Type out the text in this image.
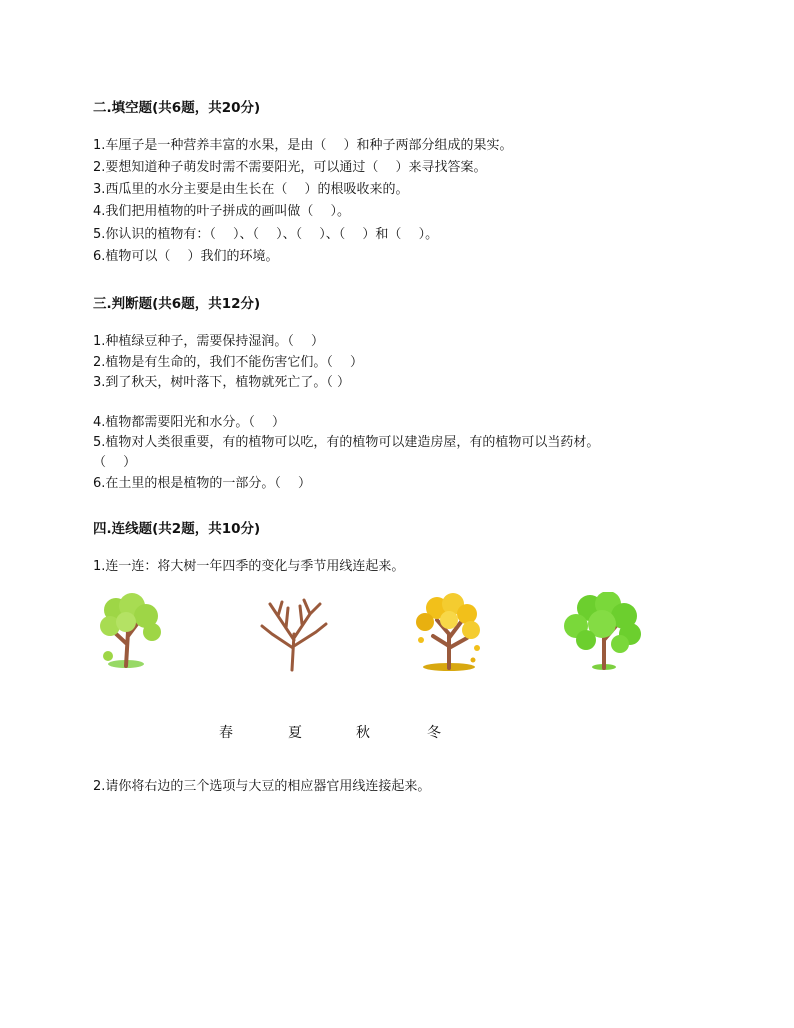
二.填空题(共6题，共20分)
1.车厘子是一种营养丰富的水果，是由（　 ）和种子两部分组成的果实。
2.要想知道种子萌发时需不需要阳光，可以通过（　 ）来寻找答案。
3.西瓜里的水分主要是由生长在（　 ）的根吸收来的。
4.我们把用植物的叶子拼成的画叫做（　 ）。
5.你认识的植物有：（　 ）、（　 ）、（　 ）、（　 ）和（　 ）。
6.植物可以（　 ）我们的环境。
三.判断题(共6题，共12分)
1.种植绿豆种子，需要保持湿润。（　 ）
2.植物是有生命的，我们不能伤害它们。（　 ）
3.到了秋天，树叶落下，植物就死亡了。（ ）
4.植物都需要阳光和水分。（　 ）
5.植物对人类很重要，有的植物可以吃，有的植物可以建造房屋，有的植物可以当药材。
（　 ）
6.在土里的根是植物的一部分。（　 ）
四.连线题(共2题，共10分)
1.连一连：将大树一年四季的变化与季节用线连起来。
春	夏	秋	冬
2.请你将右边的三个选项与大豆的相应器官用线连接起来。
